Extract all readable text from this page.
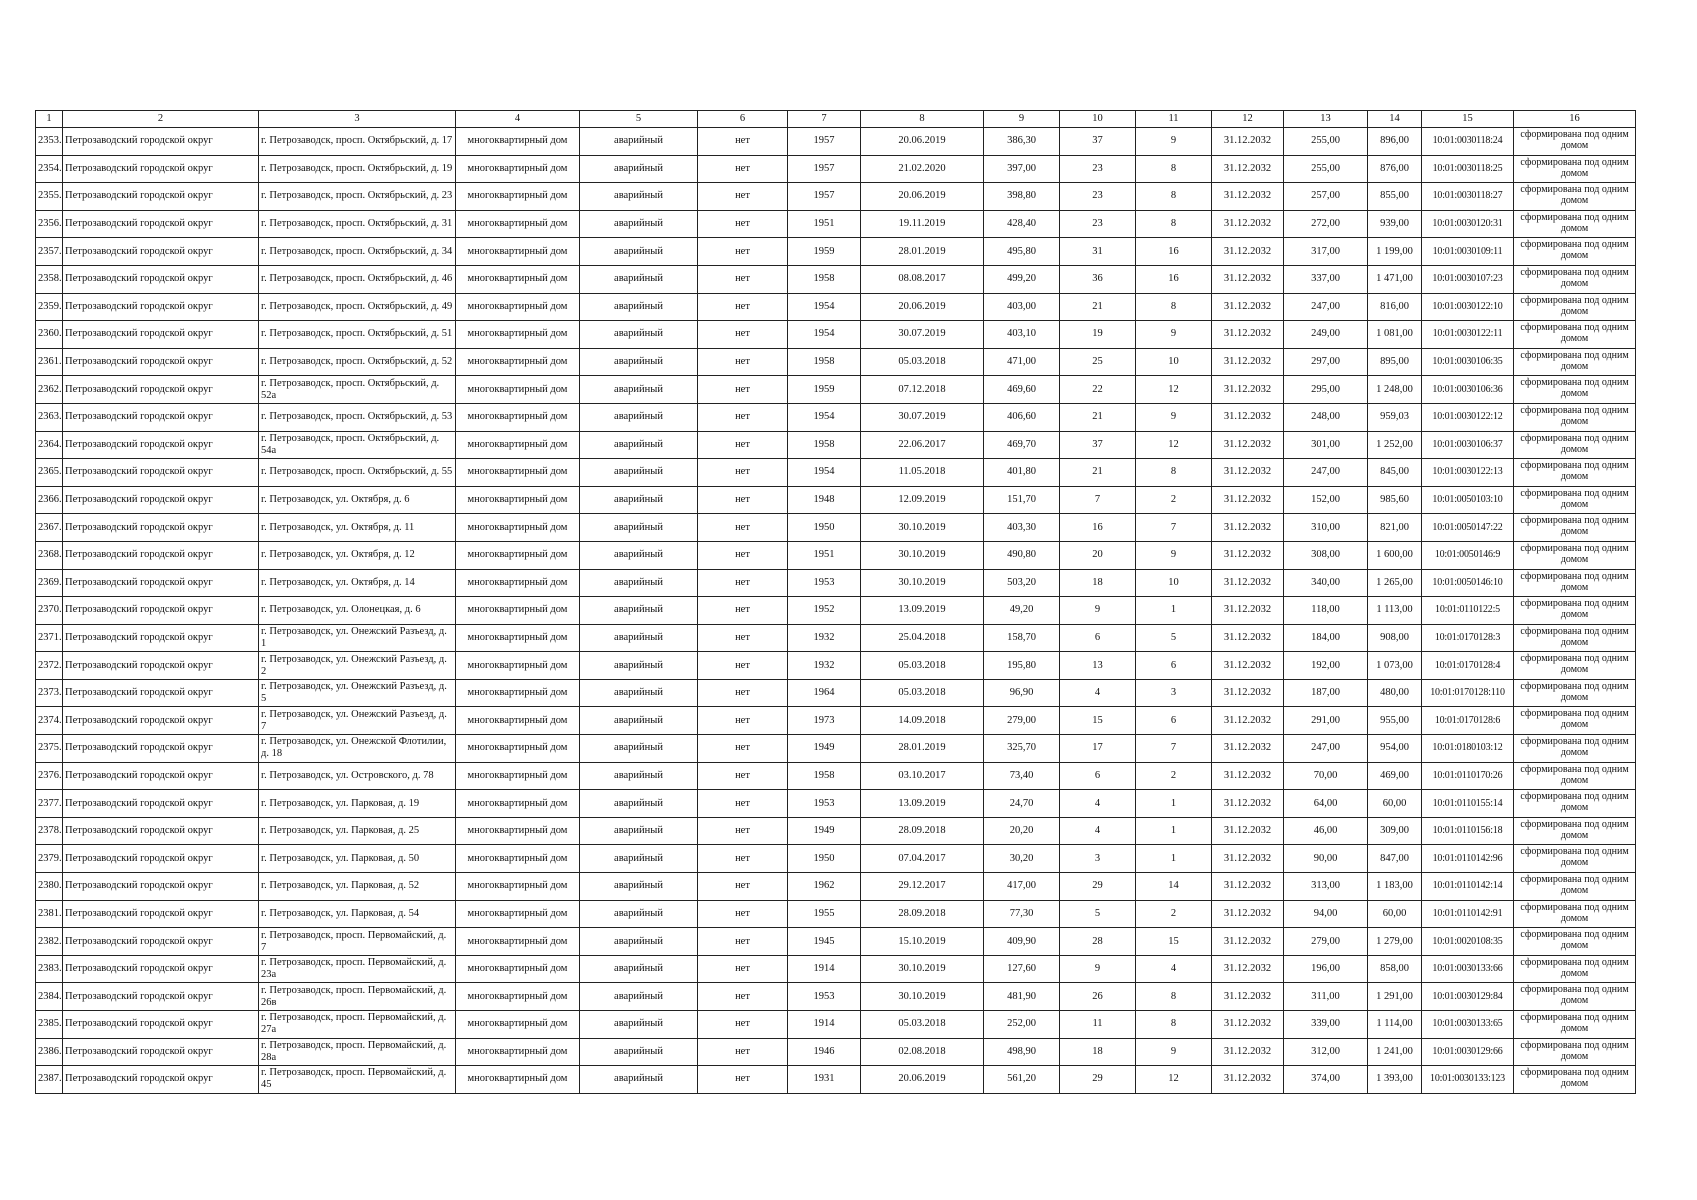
1	2	3	4	5	6	7	8	9	10	11	12	13	14	15	16
2353.	Петрозаводский городской округ	г. Петрозаводск, просп. Октябрьский, д. 17	многоквартирный дом	аварийный	нет	1957	20.06.2019	386,30	37	9	31.12.2032	255,00	896,00	10:01:0030118:24	сформирована под одним домом
2354.	Петрозаводский городской округ	г. Петрозаводск, просп. Октябрьский, д. 19	многоквартирный дом	аварийный	нет	1957	21.02.2020	397,00	23	8	31.12.2032	255,00	876,00	10:01:0030118:25	сформирована под одним домом
2355.	Петрозаводский городской округ	г. Петрозаводск, просп. Октябрьский, д. 23	многоквартирный дом	аварийный	нет	1957	20.06.2019	398,80	23	8	31.12.2032	257,00	855,00	10:01:0030118:27	сформирована под одним домом
2356.	Петрозаводский городской округ	г. Петрозаводск, просп. Октябрьский, д. 31	многоквартирный дом	аварийный	нет	1951	19.11.2019	428,40	23	8	31.12.2032	272,00	939,00	10:01:0030120:31	сформирована под одним домом
2357.	Петрозаводский городской округ	г. Петрозаводск, просп. Октябрьский, д. 34	многоквартирный дом	аварийный	нет	1959	28.01.2019	495,80	31	16	31.12.2032	317,00	1 199,00	10:01:0030109:11	сформирована под одним домом
2358.	Петрозаводский городской округ	г. Петрозаводск, просп. Октябрьский, д. 46	многоквартирный дом	аварийный	нет	1958	08.08.2017	499,20	36	16	31.12.2032	337,00	1 471,00	10:01:0030107:23	сформирована под одним домом
2359.	Петрозаводский городской округ	г. Петрозаводск, просп. Октябрьский, д. 49	многоквартирный дом	аварийный	нет	1954	20.06.2019	403,00	21	8	31.12.2032	247,00	816,00	10:01:0030122:10	сформирована под одним домом
2360.	Петрозаводский городской округ	г. Петрозаводск, просп. Октябрьский, д. 51	многоквартирный дом	аварийный	нет	1954	30.07.2019	403,10	19	9	31.12.2032	249,00	1 081,00	10:01:0030122:11	сформирована под одним домом
2361.	Петрозаводский городской округ	г. Петрозаводск, просп. Октябрьский, д. 52	многоквартирный дом	аварийный	нет	1958	05.03.2018	471,00	25	10	31.12.2032	297,00	895,00	10:01:0030106:35	сформирована под одним домом
2362.	Петрозаводский городской округ	г. Петрозаводск, просп. Октябрьский, д. 52а	многоквартирный дом	аварийный	нет	1959	07.12.2018	469,60	22	12	31.12.2032	295,00	1 248,00	10:01:0030106:36	сформирована под одним домом
2363.	Петрозаводский городской округ	г. Петрозаводск, просп. Октябрьский, д. 53	многоквартирный дом	аварийный	нет	1954	30.07.2019	406,60	21	9	31.12.2032	248,00	959,03	10:01:0030122:12	сформирована под одним домом
2364.	Петрозаводский городской округ	г. Петрозаводск, просп. Октябрьский, д. 54а	многоквартирный дом	аварийный	нет	1958	22.06.2017	469,70	37	12	31.12.2032	301,00	1 252,00	10:01:0030106:37	сформирована под одним домом
2365.	Петрозаводский городской округ	г. Петрозаводск, просп. Октябрьский, д. 55	многоквартирный дом	аварийный	нет	1954	11.05.2018	401,80	21	8	31.12.2032	247,00	845,00	10:01:0030122:13	сформирована под одним домом
2366.	Петрозаводский городской округ	г. Петрозаводск, ул. Октября, д. 6	многоквартирный дом	аварийный	нет	1948	12.09.2019	151,70	7	2	31.12.2032	152,00	985,60	10:01:0050103:10	сформирована под одним домом
2367.	Петрозаводский городской округ	г. Петрозаводск, ул. Октября, д. 11	многоквартирный дом	аварийный	нет	1950	30.10.2019	403,30	16	7	31.12.2032	310,00	821,00	10:01:0050147:22	сформирована под одним домом
2368.	Петрозаводский городской округ	г. Петрозаводск, ул. Октября, д. 12	многоквартирный дом	аварийный	нет	1951	30.10.2019	490,80	20	9	31.12.2032	308,00	1 600,00	10:01:0050146:9	сформирована под одним домом
2369.	Петрозаводский городской округ	г. Петрозаводск, ул. Октября, д. 14	многоквартирный дом	аварийный	нет	1953	30.10.2019	503,20	18	10	31.12.2032	340,00	1 265,00	10:01:0050146:10	сформирована под одним домом
2370.	Петрозаводский городской округ	г. Петрозаводск, ул. Олонецкая, д. 6	многоквартирный дом	аварийный	нет	1952	13.09.2019	49,20	9	1	31.12.2032	118,00	1 113,00	10:01:0110122:5	сформирована под одним домом
2371.	Петрозаводский городской округ	г. Петрозаводск, ул. Онежский Разъезд, д. 1	многоквартирный дом	аварийный	нет	1932	25.04.2018	158,70	6	5	31.12.2032	184,00	908,00	10:01:0170128:3	сформирована под одним домом
2372.	Петрозаводский городской округ	г. Петрозаводск, ул. Онежский Разъезд, д. 2	многоквартирный дом	аварийный	нет	1932	05.03.2018	195,80	13	6	31.12.2032	192,00	1 073,00	10:01:0170128:4	сформирована под одним домом
2373.	Петрозаводский городской округ	г. Петрозаводск, ул. Онежский Разъезд, д. 5	многоквартирный дом	аварийный	нет	1964	05.03.2018	96,90	4	3	31.12.2032	187,00	480,00	10:01:0170128:110	сформирована под одним домом
2374.	Петрозаводский городской округ	г. Петрозаводск, ул. Онежский Разъезд, д. 7	многоквартирный дом	аварийный	нет	1973	14.09.2018	279,00	15	6	31.12.2032	291,00	955,00	10:01:0170128:6	сформирована под одним домом
2375.	Петрозаводский городской округ	г. Петрозаводск, ул. Онежской Флотилии, д. 18	многоквартирный дом	аварийный	нет	1949	28.01.2019	325,70	17	7	31.12.2032	247,00	954,00	10:01:0180103:12	сформирована под одним домом
2376.	Петрозаводский городской округ	г. Петрозаводск, ул. Островского, д. 78	многоквартирный дом	аварийный	нет	1958	03.10.2017	73,40	6	2	31.12.2032	70,00	469,00	10:01:0110170:26	сформирована под одним домом
2377.	Петрозаводский городской округ	г. Петрозаводск, ул. Парковая, д. 19	многоквартирный дом	аварийный	нет	1953	13.09.2019	24,70	4	1	31.12.2032	64,00	60,00	10:01:0110155:14	сформирована под одним домом
2378.	Петрозаводский городской округ	г. Петрозаводск, ул. Парковая, д. 25	многоквартирный дом	аварийный	нет	1949	28.09.2018	20,20	4	1	31.12.2032	46,00	309,00	10:01:0110156:18	сформирована под одним домом
2379.	Петрозаводский городской округ	г. Петрозаводск, ул. Парковая, д. 50	многоквартирный дом	аварийный	нет	1950	07.04.2017	30,20	3	1	31.12.2032	90,00	847,00	10:01:0110142:96	сформирована под одним домом
2380.	Петрозаводский городской округ	г. Петрозаводск, ул. Парковая, д. 52	многоквартирный дом	аварийный	нет	1962	29.12.2017	417,00	29	14	31.12.2032	313,00	1 183,00	10:01:0110142:14	сформирована под одним домом
2381.	Петрозаводский городской округ	г. Петрозаводск, ул. Парковая, д. 54	многоквартирный дом	аварийный	нет	1955	28.09.2018	77,30	5	2	31.12.2032	94,00	60,00	10:01:0110142:91	сформирована под одним домом
2382.	Петрозаводский городской округ	г. Петрозаводск, просп. Первомайский, д. 7	многоквартирный дом	аварийный	нет	1945	15.10.2019	409,90	28	15	31.12.2032	279,00	1 279,00	10:01:0020108:35	сформирована под одним домом
2383.	Петрозаводский городской округ	г. Петрозаводск, просп. Первомайский, д. 23а	многоквартирный дом	аварийный	нет	1914	30.10.2019	127,60	9	4	31.12.2032	196,00	858,00	10:01:0030133:66	сформирована под одним домом
2384.	Петрозаводский городской округ	г. Петрозаводск, просп. Первомайский, д. 26в	многоквартирный дом	аварийный	нет	1953	30.10.2019	481,90	26	8	31.12.2032	311,00	1 291,00	10:01:0030129:84	сформирована под одним домом
2385.	Петрозаводский городской округ	г. Петрозаводск, просп. Первомайский, д. 27а	многоквартирный дом	аварийный	нет	1914	05.03.2018	252,00	11	8	31.12.2032	339,00	1 114,00	10:01:0030133:65	сформирована под одним домом
2386.	Петрозаводский городской округ	г. Петрозаводск, просп. Первомайский, д. 28а	многоквартирный дом	аварийный	нет	1946	02.08.2018	498,90	18	9	31.12.2032	312,00	1 241,00	10:01:0030129:66	сформирована под одним домом
2387.	Петрозаводский городской округ	г. Петрозаводск, просп. Первомайский, д. 45	многоквартирный дом	аварийный	нет	1931	20.06.2019	561,20	29	12	31.12.2032	374,00	1 393,00	10:01:0030133:123	сформирована под одним домом
